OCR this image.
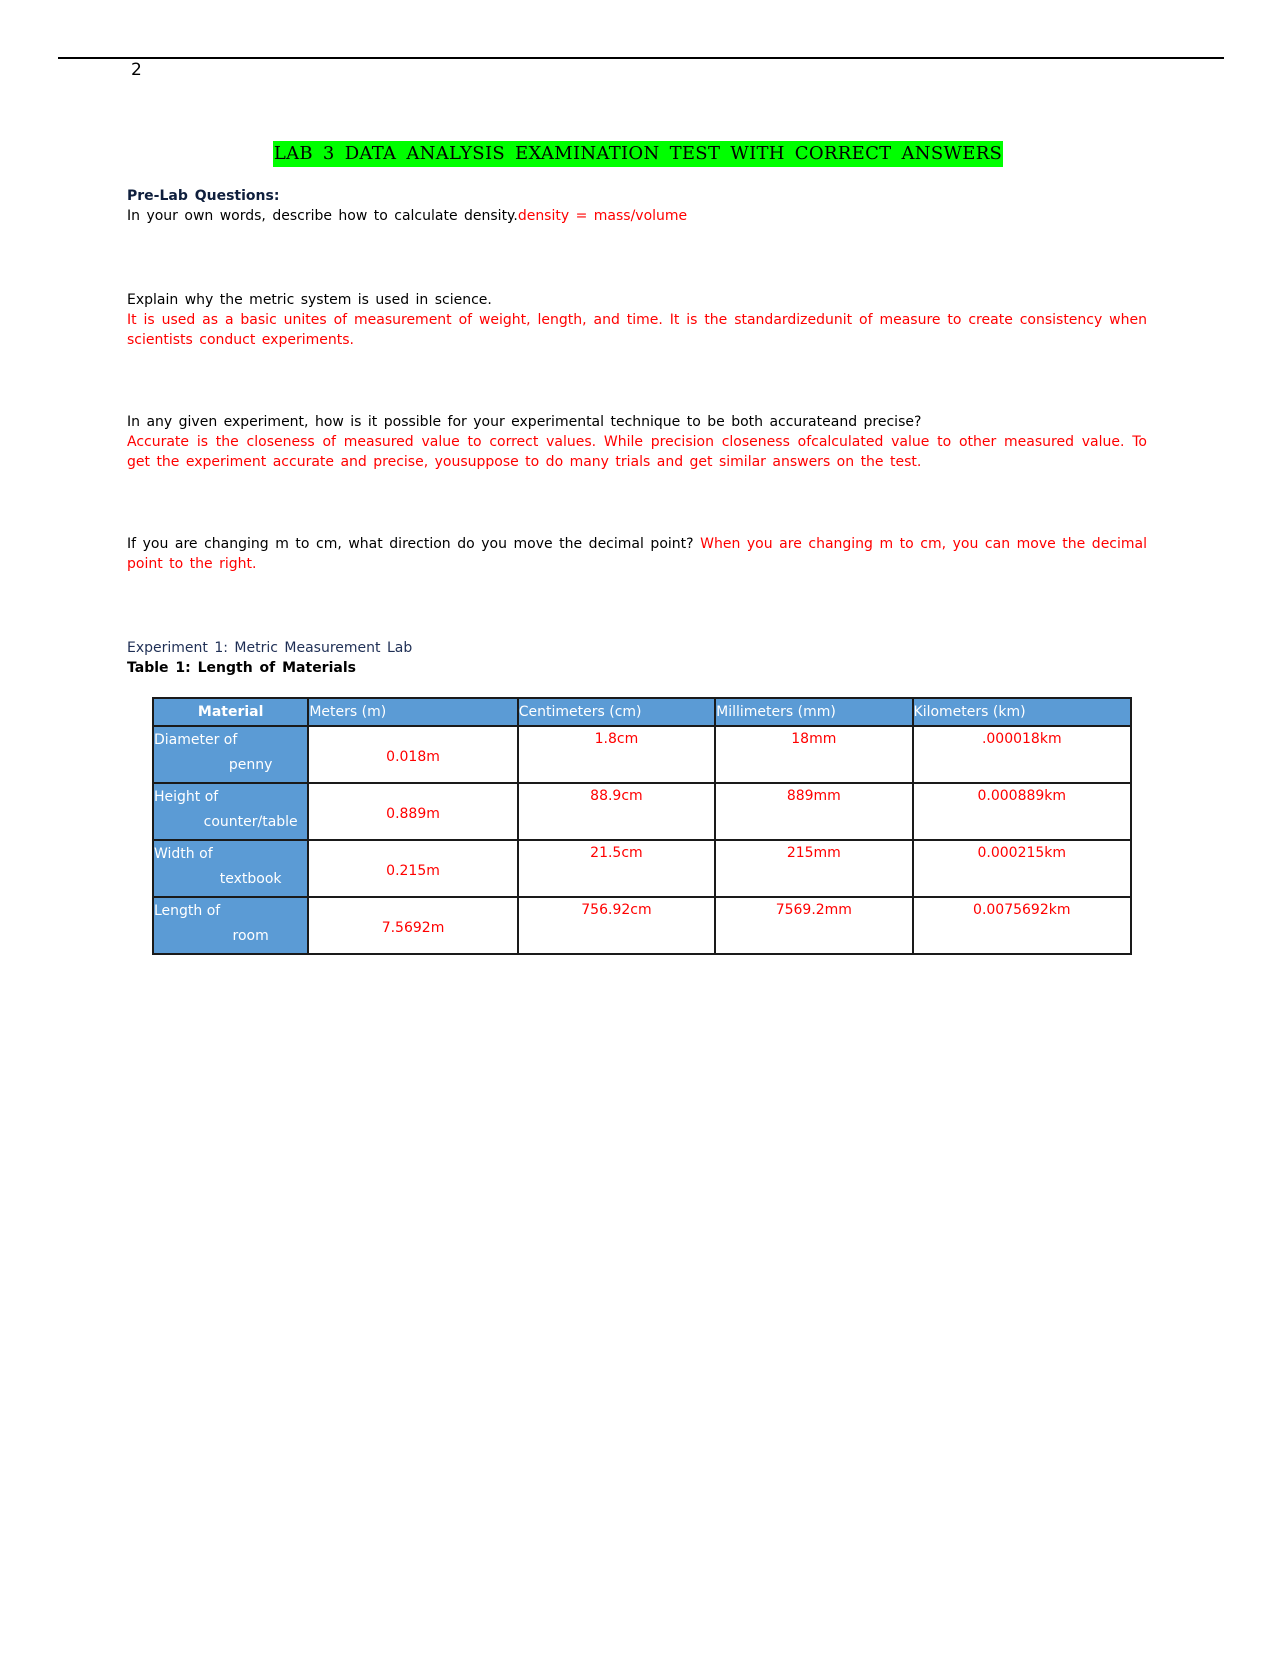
2
LAB 3 DATA ANALYSIS EXAMINATION TEST WITH CORRECT ANSWERS
Pre-Lab Questions:
In your own words, describe how to calculate density.density = mass/volume
Explain why the metric system is used in science.
It is used as a basic unites of measurement of weight, length, and time. It is the standardizedunit of measure to create consistency when scientists conduct experiments.
In any given experiment, how is it possible for your experimental technique to be both accurateand precise?
Accurate is the closeness of measured value to correct values. While precision closeness ofcalculated value to other measured value. To get the experiment accurate and precise, yousuppose to do many trials and get similar answers on the test.
If you are changing m to cm, what direction do you move the decimal point? When you are changing m to cm, you can move the decimal point to the right.
Experiment 1: Metric Measurement Lab
Table 1: Length of Materials
Material	Meters (m)	Centimeters (cm)	Millimeters (mm)	Kilometers (km)

Diameter of
penny	0.018m	1.8cm	18mm	.000018km

Height of
counter/table	0.889m	88.9cm	889mm	0.000889km

Width of
textbook	0.215m	21.5cm	215mm	0.000215km

Length of
room	7.5692m	756.92cm	7569.2mm	0.0075692km
